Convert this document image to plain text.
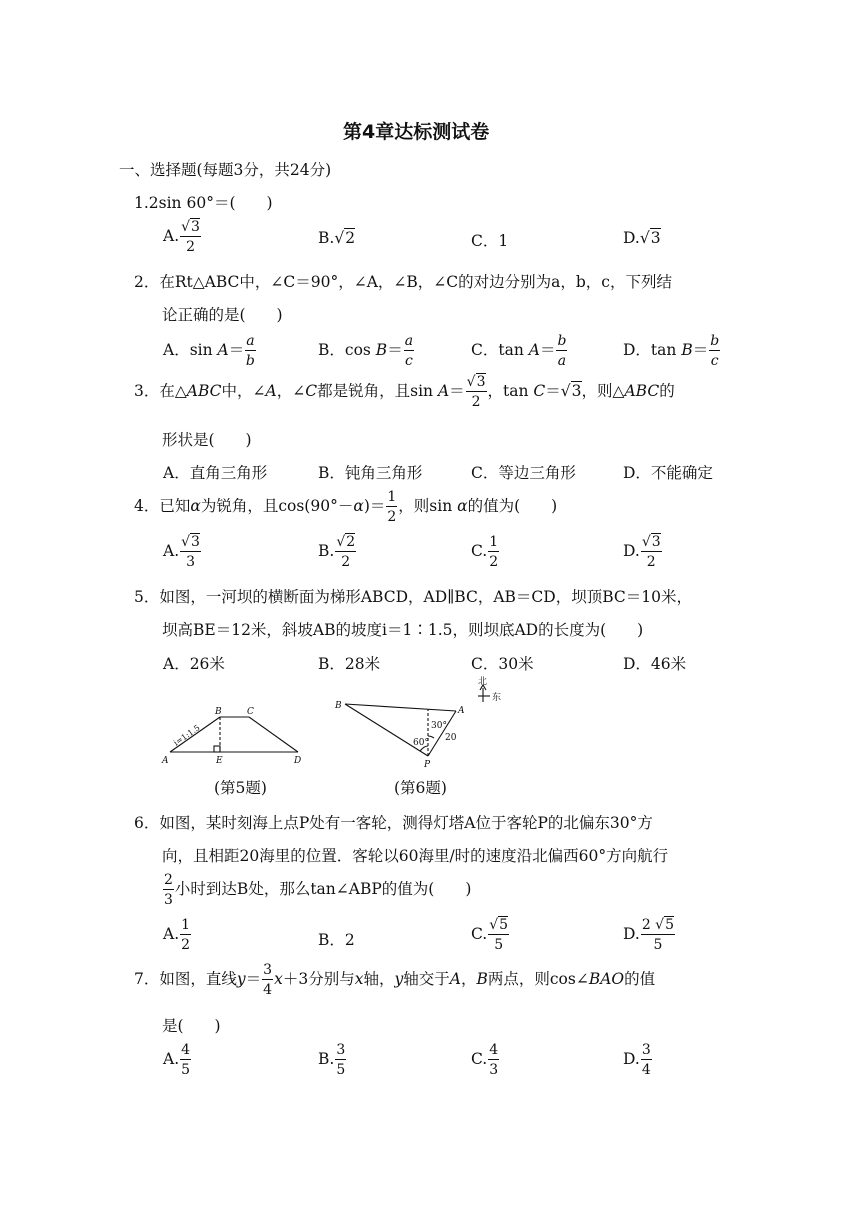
第4章达标测试卷
一、选择题(每题3分，共24分)
1.2sin 60°＝(　　)
A. $\frac{√3}{2}$	B.√2	C．1	D.√3
2．在Rt△ABC中，∠C＝90°，∠A，∠B，∠C的对边分别为a，b，c，下列结
论正确的是(　　)
A．$\sin A= \frac{a}{b}$	B．$\cos B= \frac{a}{c}$	C．$\tan A= \frac{b}{a}$	D．$\tan B= \frac{b}{c}$
3．在△ABC中，∠A，∠C都是锐角，且$\sin A= \frac{√3}{2}$ ，tan C＝√3，则△ABC的
形状是(　　)
A．直角三角形	B．钝角三角形	C．等边三角形	D．不能确定
4．已知α为锐角，且$\cos(90^\circ-\alpha)= \frac{1}{2}$ ，则sin α的值为(　　)
A. $\frac{√3}{3}$	B. $\frac{√2}{2}$	C. $\frac{1}{2}$	D. $\frac{√3}{2}$
5．如图，一河坝的横断面为梯形ABCD，AD∥BC，AB＝CD，坝顶BC＝10米，
坝高BE＝12米，斜坡AB的坡度i＝1∶1.5，则坝底AD的长度为(　　)
A．26米	B．28米	C．30米	D．46米
A
B	C
E	D
i=1:1.5
(第5题)
B	A
P
30°
60° 20
北
东
(第6题)
6．如图，某时刻海上点P处有一客轮，测得灯塔A位于客轮P的北偏东30°方
向，且相距20海里的位置．客轮以60海里/时的速度沿北偏西60°方向航行
$\frac{2}{3}$ 小时到达B处，那么tan∠ABP的值为(　　)
A. $\frac{1}{2}$	B．2	C. $\frac{√5}{5}$	D. $\frac{2 √5}{5}$
7．如图，直线$y= \frac{3}{4} x+3$分别与x轴，y轴交于A，B两点，则cos∠BAO的值
是(　　)
A. $\frac{4}{5}$	B. $\frac{3}{5}$	C. $\frac{4}{3}$	D. $\frac{3}{4}$
